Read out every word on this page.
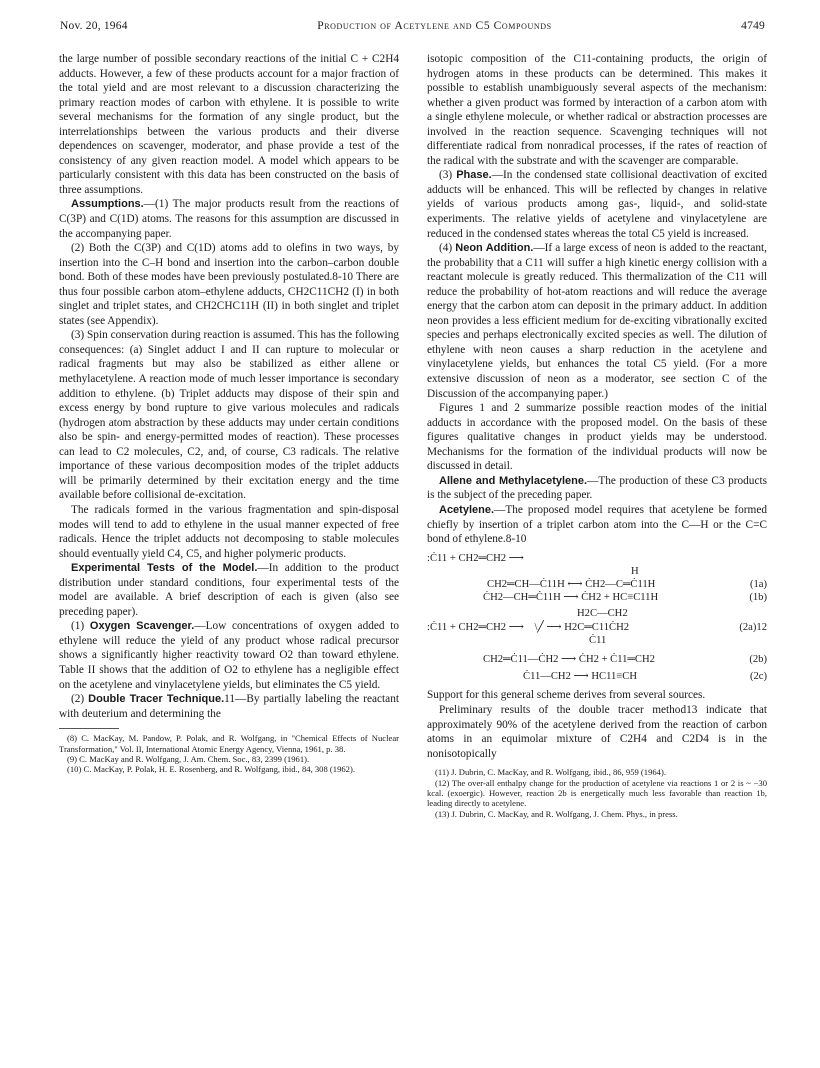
Nov. 20, 1964	Production of Acetylene and C5 Compounds	4749

the large number of possible secondary reactions of the initial C + C2H4 adducts. However, a few of these products account for a major fraction of the total yield and are most relevant to a discussion characterizing the primary reaction modes of carbon with ethylene. It is possible to write several mechanisms for the formation of any single product, but the interrelationships between the various products and their diverse dependences on scavenger, moderator, and phase provide a test of the consistency of any given reaction model. A model which appears to be particularly consistent with this data has been constructed on the basis of three assumptions.

Assumptions.—(1) The major products result from the reactions of C(3P) and C(1D) atoms. The reasons for this assumption are discussed in the accompanying paper.

(2) Both the C(3P) and C(1D) atoms add to olefins in two ways, by insertion into the C–H bond and insertion into the carbon–carbon double bond. Both of these modes have been previously postulated.8-10 There are thus four possible carbon atom–ethylene adducts, CH2C11CH2 (I) in both singlet and triplet states, and CH2CHC11H (II) in both singlet and triplet states (see Appendix).

(3) Spin conservation during reaction is assumed. This has the following consequences: (a) Singlet adduct I and II can rupture to molecular or radical fragments but may also be stabilized as either allene or methylacetylene. A reaction mode of much lesser importance is secondary addition to ethylene. (b) Triplet adducts may dispose of their spin and excess energy by bond rupture to give various molecules and radicals (hydrogen atom abstraction by these adducts may under certain conditions also be spin- and energy-permitted modes of reaction). These processes can lead to C2 molecules, C2, and, of course, C3 radicals. The relative importance of these various decomposition modes of the triplet adducts will be primarily determined by their excitation energy and the time available before collisional de-excitation.

The radicals formed in the various fragmentation and spin-disposal modes will tend to add to ethylene in the usual manner expected of free radicals. Hence the triplet adducts not decomposing to stable molecules should eventually yield C4, C5, and higher polymeric products.

Experimental Tests of the Model.—In addition to the product distribution under standard conditions, four experimental tests of the model are available. A brief description of each is given (also see preceding paper).

(1) Oxygen Scavenger.—Low concentrations of oxygen added to ethylene will reduce the yield of any product whose radical precursor shows a significantly higher reactivity toward O2 than toward ethylene. Table II shows that the addition of O2 to ethylene has a negligible effect on the acetylene and vinylacetylene yields, but eliminates the C5 yield.

(2) Double Tracer Technique.11—By partially labeling the reactant with deuterium and determining the

(8) C. MacKay, M. Pandow, P. Polak, and R. Wolfgang, in "Chemical Effects of Nuclear Transformation," Vol. II, International Atomic Energy Agency, Vienna, 1961, p. 38.

(9) C. MacKay and R. Wolfgang, J. Am. Chem. Soc., 83, 2399 (1961).

(10) C. MacKay, P. Polak, H. E. Rosenberg, and R. Wolfgang, ibid., 84, 308 (1962).

isotopic composition of the C11-containing products, the origin of hydrogen atoms in these products can be determined. This makes it possible to establish unambiguously several aspects of the mechanism: whether a given product was formed by interaction of a carbon atom with a single ethylene molecule, or whether radical or abstraction processes are involved in the reaction sequence. Scavenging techniques will not differentiate radical from nonradical processes, if the rates of reaction of the radical with the substrate and with the scavenger are comparable.

(3) Phase.—In the condensed state collisional deactivation of excited adducts will be enhanced. This will be reflected by changes in relative yields of various products among gas-, liquid-, and solid-state experiments. The relative yields of acetylene and vinylacetylene are reduced in the condensed states whereas the total C5 yield is increased.

(4) Neon Addition.—If a large excess of neon is added to the reactant, the probability that a C11 will suffer a high kinetic energy collision with a reactant molecule is greatly reduced. This thermalization of the C11 will reduce the probability of hot-atom reactions and will reduce the average energy that the carbon atom can deposit in the primary adduct. In addition neon provides a less efficient medium for de-exciting vibrationally excited species and perhaps electronically excited species as well. The dilution of ethylene with neon causes a sharp reduction in the acetylene and vinylacetylene yields, but enhances the total C5 yield. (For a more extensive discussion of neon as a moderator, see section C of the Discussion of the accompanying paper.)

Figures 1 and 2 summarize possible reaction modes of the initial adducts in accordance with the proposed model. On the basis of these figures qualitative changes in product yields may be understood. Mechanisms for the formation of the individual products will now be discussed in detail.

Allene and Methylacetylene.—The production of these C3 products is the subject of the preceding paper.

Acetylene.—The proposed model requires that acetylene be formed chiefly by insertion of a triplet carbon atom into the C—H or the C=C bond of ethylene.8-10

:Ċ11 + CH2═CH2 ⟶
H
CH2═CH—Ċ11H ⟷ ĊH2—C═Ċ11H	(1a)
ĊH2—CH═Ċ11H ⟶ ĊH2 + HC≡C11H	(1b)
H2C—CH2
:Ċ11 + CH2═CH2 ⟶    \╱ ⟶ H2C═C11ĊH2	(2a)12
Ċ11
CH2═Ċ11—ĊH2 ⟶ ĊH2 + Ċ11═CH2	(2b)
Ċ11—CH2 ⟶ HC11≡CH	(2c)

Support for this general scheme derives from several sources.

Preliminary results of the double tracer method13 indicate that approximately 90% of the acetylene derived from the reaction of carbon atoms in an equimolar mixture of C2H4 and C2D4 is in the nonisotopically

(11) J. Dubrin, C. MacKay, and R. Wolfgang, ibid., 86, 959 (1964).

(12) The over-all enthalpy change for the production of acetylene via reactions 1 or 2 is ~ −30 kcal. (exoergic). However, reaction 2b is energetically much less favorable than reaction 1b, leading directly to acetylene.

(13) J. Dubrin, C. MacKay, and R. Wolfgang, J. Chem. Phys., in press.
